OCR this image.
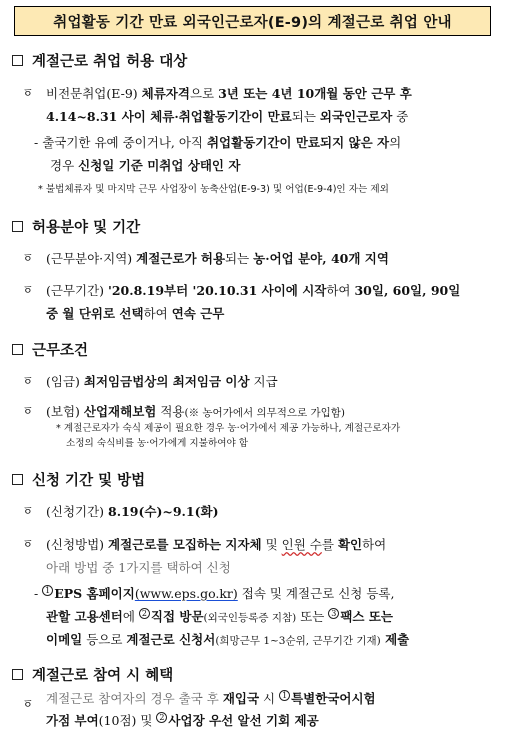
취업활동 기간 만료 외국인근로자(E-9)의 계절근로 취업 안내
계절근로 취업 허용 대상
ㆆ 비전문취업(E-9) 체류자격으로 3년 또는 4년 10개월 동안 근무 후
4.14~8.31 사이 체류·취업활동기간이 만료되는 외국인근로자 중
- 출국기한 유예 중이거나, 아직 취업활동기간이 만료되지 않은 자의
경우 신청일 기준 미취업 상태인 자
* 불법체류자 및 마지막 근무 사업장이 농축산업(E-9-3) 및 어업(E-9-4)인 자는 제외
허용분야 및 기간
ㆆ (근무분야·지역) 계절근로가 허용되는 농·어업 분야, 40개 지역
ㆆ (근무기간) '20.8.19부터 '20.10.31 사이에 시작하여 30일, 60일, 90일
중 월 단위로 선택하여 연속 근무
근무조건
ㆆ (임금) 최저임금법상의 최저임금 이상 지급
ㆆ (보험) 산업재해보험 적용(※ 농어가에서 의무적으로 가입함)
* 계절근로자가 숙식 제공이 필요한 경우 농·어가에서 제공 가능하나, 계절근로자가
소정의 숙식비를 농·어가에게 지불하여야 함
신청 기간 및 방법
ㆆ (신청기간) 8.19(수)~9.1(화)
ㆆ (신청방법) 계절근로를 모집하는 지자체 및 인원 수를 확인하여
아래 방법 중 1가지를 택하여 신청
- 1 EPS 홈페이지(www.eps.go.kr) 접속 및 계절근로 신청 등록,
관할 고용센터에 2 직접 방문(외국인등록증 지참) 또는 3 팩스 또는
이메일 등으로 계절근로 신청서(희망근무 1~3순위, 근무기간 기재) 제출
계절근로 참여 시 혜택
ㆆ 계절근로 참여자의 경우 출국 후 재입국 시 1 특별한국어시험
가점 부여(10점) 및 2 사업장 우선 알선 기회 제공
